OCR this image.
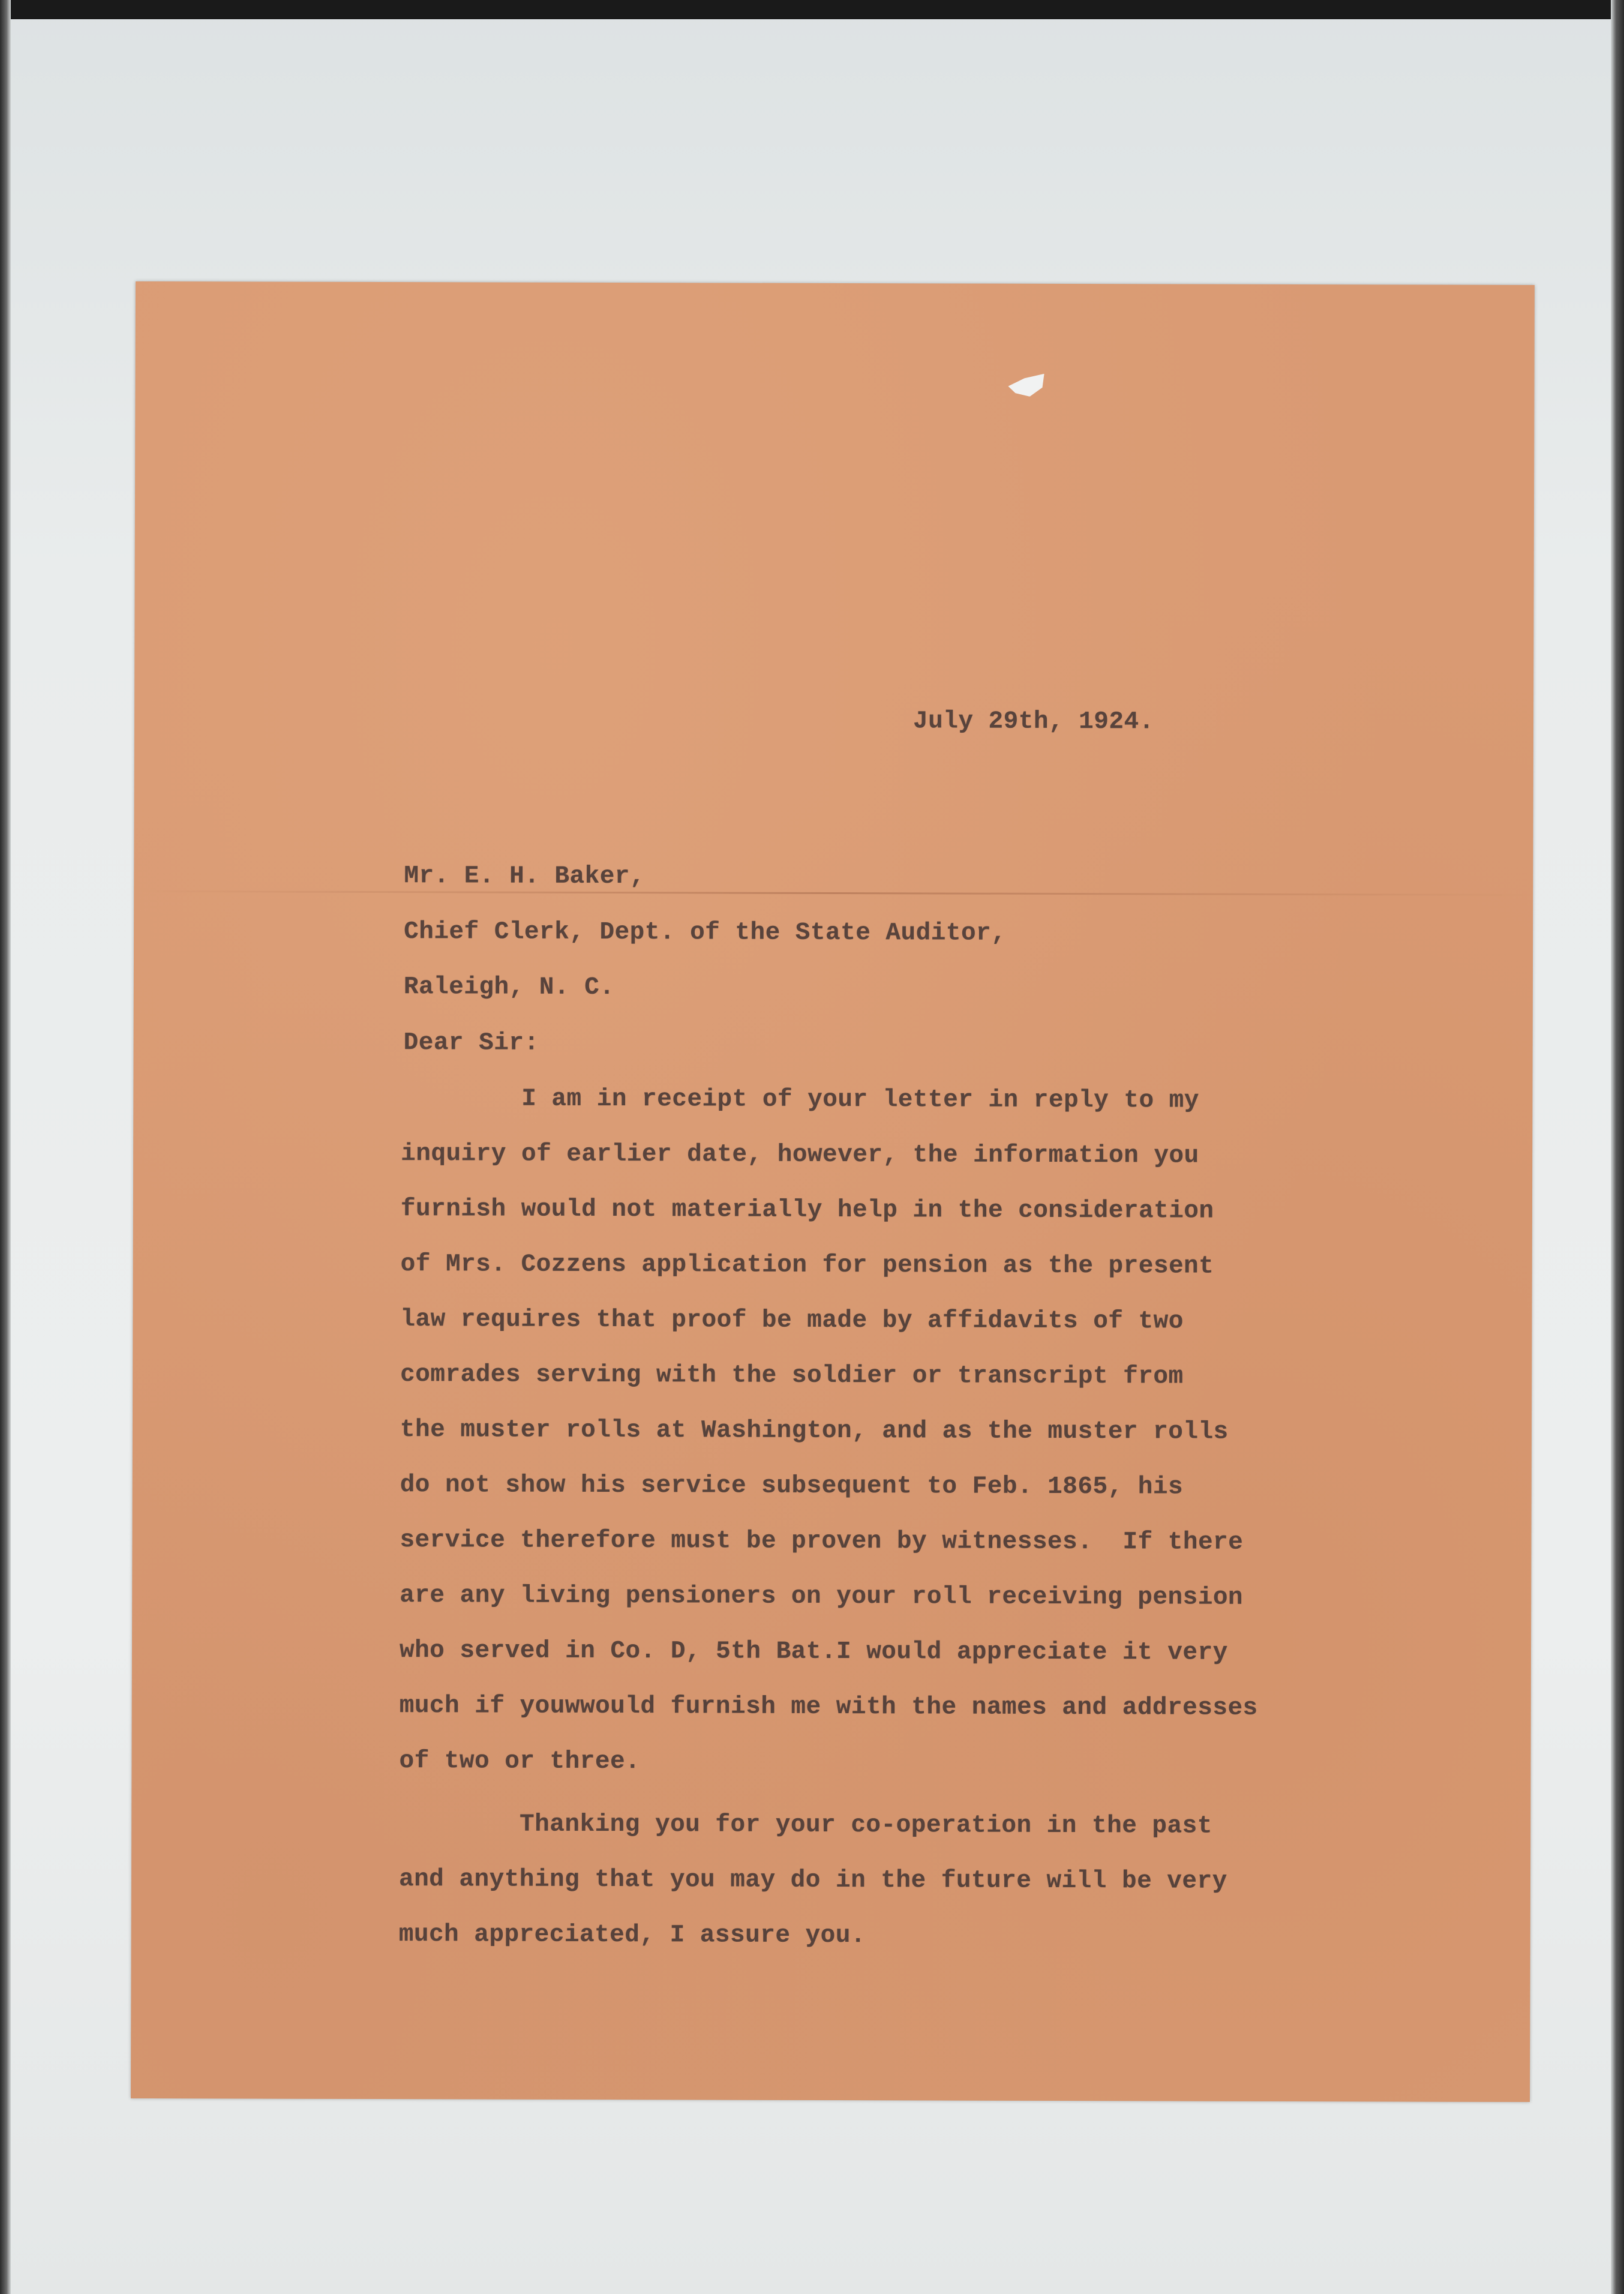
July 29th, 1924.
Mr. E. H. Baker,
Chief Clerk, Dept. of the State Auditor,
Raleigh, N. C.
Dear Sir:
I am in receipt of your letter in reply to my
inquiry of earlier date, however, the information you
furnish would not materially help in the consideration
of Mrs. Cozzens application for pension as the present
law requires that proof be made by affidavits of two
comrades serving with the soldier or transcript from
the muster rolls at Washington, and as the muster rolls
do not show his service subsequent to Feb. 1865, his
service therefore must be proven by witnesses.  If there
are any living pensioners on your roll receiving pension
who served in Co. D, 5th Bat.I would appreciate it very
much if youwwould furnish me with the names and addresses
of two or three.
Thanking you for your co-operation in the past
and anything that you may do in the future will be very
much appreciated, I assure you.
